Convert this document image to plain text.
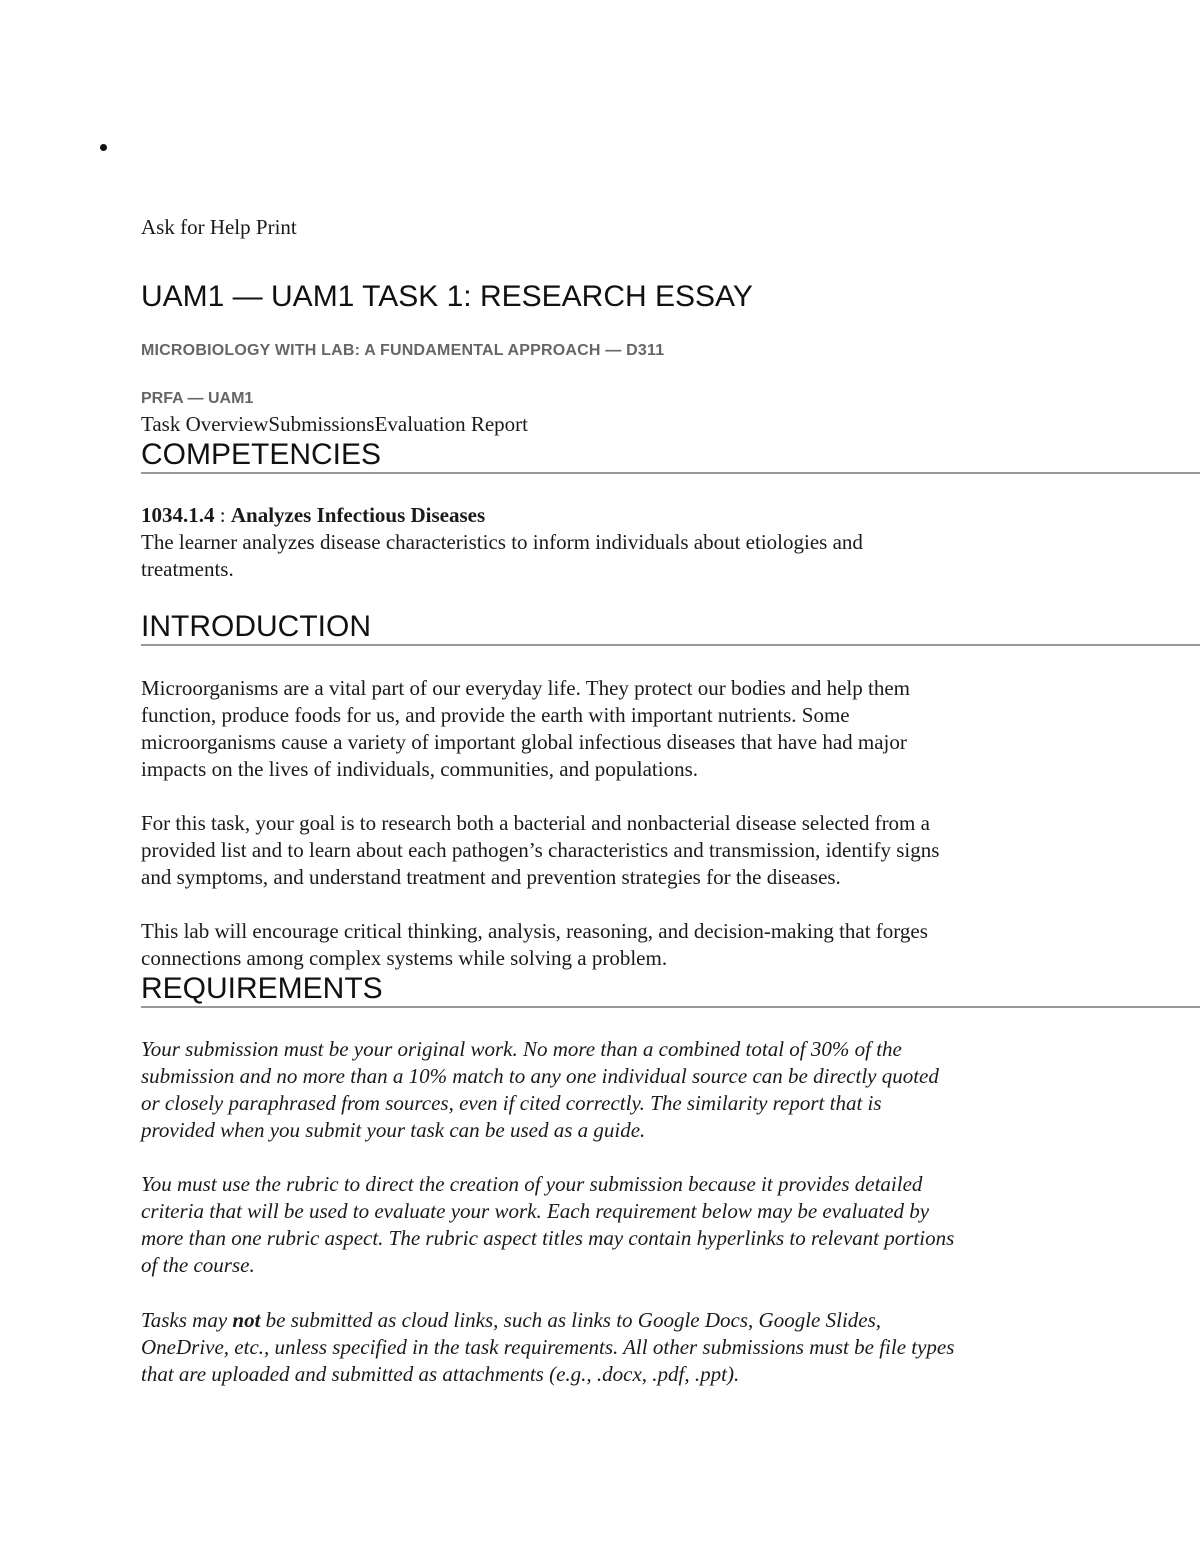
Ask for Help Print
UAM1 — UAM1 TASK 1: RESEARCH ESSAY
MICROBIOLOGY WITH LAB: A FUNDAMENTAL APPROACH — D311
PRFA — UAM1
Task OverviewSubmissionsEvaluation Report
COMPETENCIES

1034.1.4 : Analyzes Infectious Diseases

The learner analyzes disease characteristics to inform individuals about etiologies and

treatments.

INTRODUCTION

Microorganisms are a vital part of our everyday life. They protect our bodies and help them

function, produce foods for us, and provide the earth with important nutrients. Some

microorganisms cause a variety of important global infectious diseases that have had major

impacts on the lives of individuals, communities, and populations.

For this task, your goal is to research both a bacterial and nonbacterial disease selected from a

provided list and to learn about each pathogen’s characteristics and transmission, identify signs

and symptoms, and understand treatment and prevention strategies for the diseases.

This lab will encourage critical thinking, analysis, reasoning, and decision-making that forges

connections among complex systems while solving a problem.

REQUIREMENTS

Your submission must be your original work. No more than a combined total of 30% of the

submission and no more than a 10% match to any one individual source can be directly quoted

or closely paraphrased from sources, even if cited correctly. The similarity report that is

provided when you submit your task can be used as a guide.

You must use the rubric to direct the creation of your submission because it provides detailed

criteria that will be used to evaluate your work. Each requirement below may be evaluated by

more than one rubric aspect. The rubric aspect titles may contain hyperlinks to relevant portions

of the course.

Tasks may not be submitted as cloud links, such as links to Google Docs, Google Slides,

OneDrive, etc., unless specified in the task requirements. All other submissions must be file types

that are uploaded and submitted as attachments (e.g., .docx, .pdf, .ppt).
